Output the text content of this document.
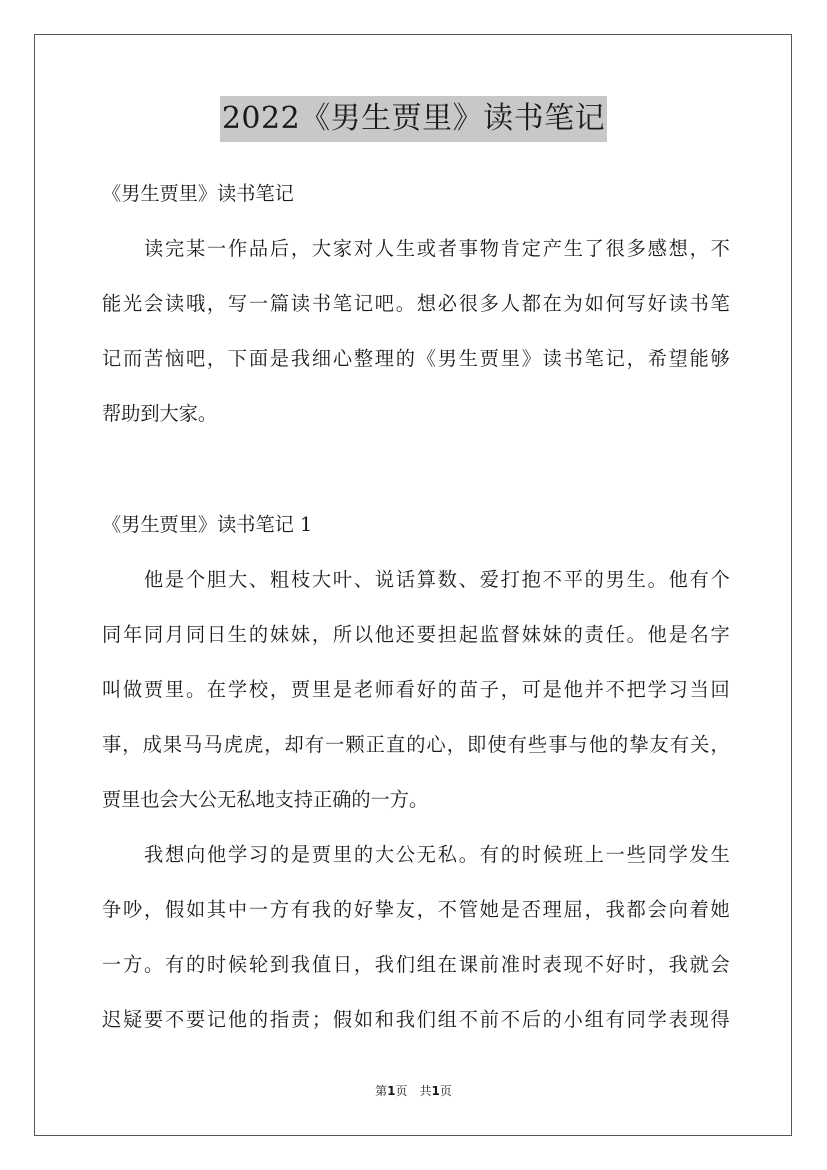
2022《男生贾里》读书笔记
《男生贾里》读书笔记
读 完 某 一 作 品 后 ， 大 家 对 人 生 或 者 事 物 肯 定 产 生 了 很 多 感 想 ， 不
能 光 会 读 哦 ， 写 一 篇 读 书 笔 记 吧 。 想 必 很 多 人 都 在 为 如 何 写 好 读 书 笔
记 而 苦 恼 吧 ， 下 面 是 我 细 心 整 理 的 《 男 生 贾 里 》 读 书 笔 记 ， 希 望 能 够
帮助到大家。
《男生贾里》读书笔记 1
他 是 个 胆 大 、 粗 枝 大 叶 、 说 话 算 数 、 爱 打 抱 不 平 的 男 生 。 他 有 个
同 年 同 月 同 日 生 的 妹 妹 ， 所 以 他 还 要 担 起 监 督 妹 妹 的 责 任 。 他 是 名 字
叫 做 贾 里 。 在 学 校 ， 贾 里 是 老 师 看 好 的 苗 子 ， 可 是 他 并 不 把 学 习 当 回
事 ， 成 果 马 马 虎 虎 ， 却 有 一 颗 正 直 的 心 ， 即 使 有 些 事 与 他 的 挚 友 有 关 ，
贾里也会大公无私地支持正确的一方。
我 想 向 他 学 习 的 是 贾 里 的 大 公 无 私 。 有 的 时 候 班 上 一 些 同 学 发 生
争 吵 ， 假 如 其 中 一 方 有 我 的 好 挚 友 ， 不 管 她 是 否 理 屈 ， 我 都 会 向 着 她
一 方 。 有 的 时 候 轮 到 我 值 日 ， 我 们 组 在 课 前 准 时 表 现 不 好 时 ， 我 就 会
迟 疑 要 不 要 记 他 的 指 责 ； 假 如 和 我 们 组 不 前 不 后 的 小 组 有 同 学 表 现 得
第1页　共1页
